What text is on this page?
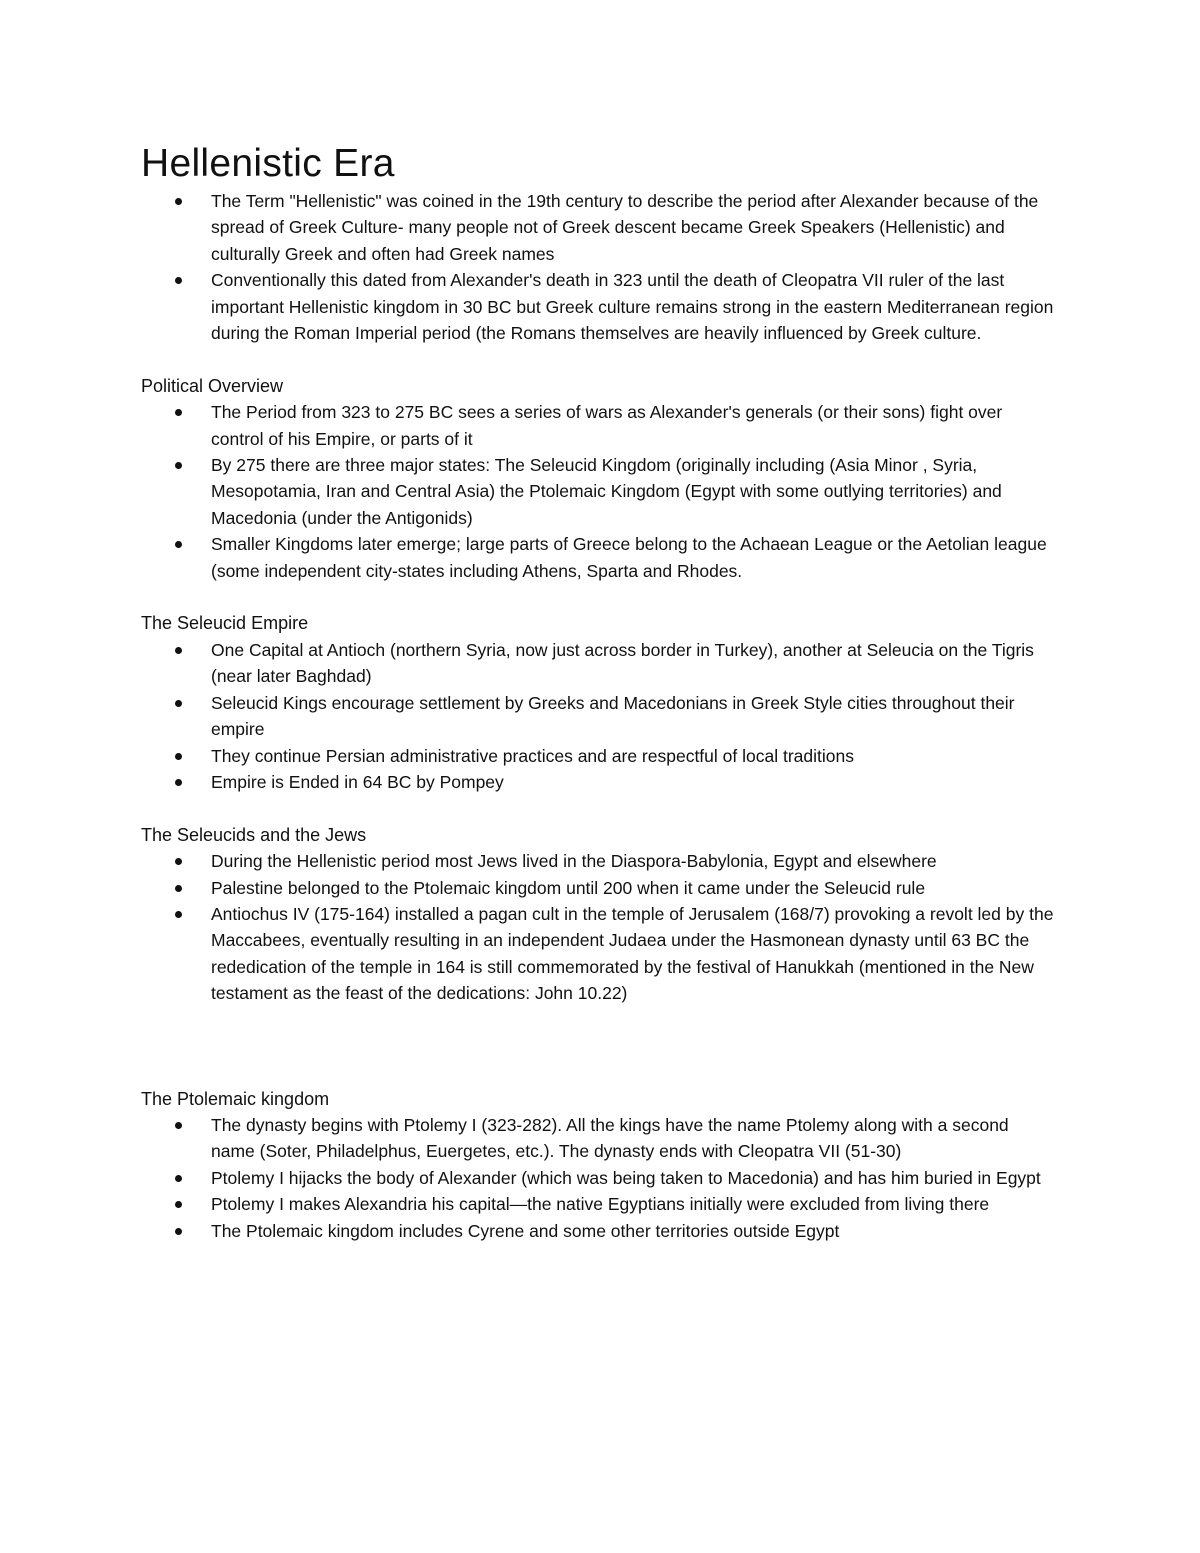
Hellenistic Era
The Term "Hellenistic" was coined in the 19th century to describe the period after Alexander because of the spread of Greek Culture- many people not of Greek descent became Greek Speakers (Hellenistic) and culturally Greek and often had Greek names
Conventionally this dated from Alexander's death in 323 until the death of Cleopatra VII ruler of the last important Hellenistic kingdom in 30 BC but Greek culture remains strong in the eastern Mediterranean region during the Roman Imperial period (the Romans themselves are heavily influenced by Greek culture.

Political Overview

The Period from 323 to 275 BC sees a series of wars as Alexander's generals (or their sons) fight over control of his Empire, or parts of it
By 275 there are three major states: The Seleucid Kingdom (originally including (Asia Minor , Syria, Mesopotamia, Iran and Central Asia) the Ptolemaic Kingdom (Egypt with some outlying territories) and Macedonia (under the Antigonids)
Smaller Kingdoms later emerge; large parts of Greece belong to the Achaean League or the Aetolian league (some independent city-states including Athens, Sparta and Rhodes.

The Seleucid Empire

One Capital at Antioch (northern Syria, now just across border in Turkey), another at Seleucia on the Tigris (near later Baghdad)
Seleucid Kings encourage settlement by Greeks and Macedonians in Greek Style cities throughout their empire
They continue Persian administrative practices and are respectful of local traditions
Empire is Ended in 64 BC by Pompey

The Seleucids and the Jews

During the Hellenistic period most Jews lived in the Diaspora-Babylonia, Egypt and elsewhere
Palestine belonged to the Ptolemaic kingdom until 200 when it came under the Seleucid rule
Antiochus IV (175-164) installed a pagan cult in the temple of Jerusalem (168/7) provoking a revolt led by the Maccabees, eventually resulting in an independent Judaea under the Hasmonean dynasty until 63 BC the rededication of the temple in 164 is still commemorated by the festival of Hanukkah (mentioned in the New testament as the feast of the dedications: John 10.22)

The Ptolemaic kingdom

The dynasty begins with Ptolemy I (323-282). All the kings have the name Ptolemy along with a second name (Soter, Philadelphus, Euergetes, etc.). The dynasty ends with Cleopatra VII (51-30)
Ptolemy I hijacks the body of Alexander (which was being taken to Macedonia) and has him buried in Egypt
Ptolemy I makes Alexandria his capital—the native Egyptians initially were excluded from living there
The Ptolemaic kingdom includes Cyrene and some other territories outside Egypt
